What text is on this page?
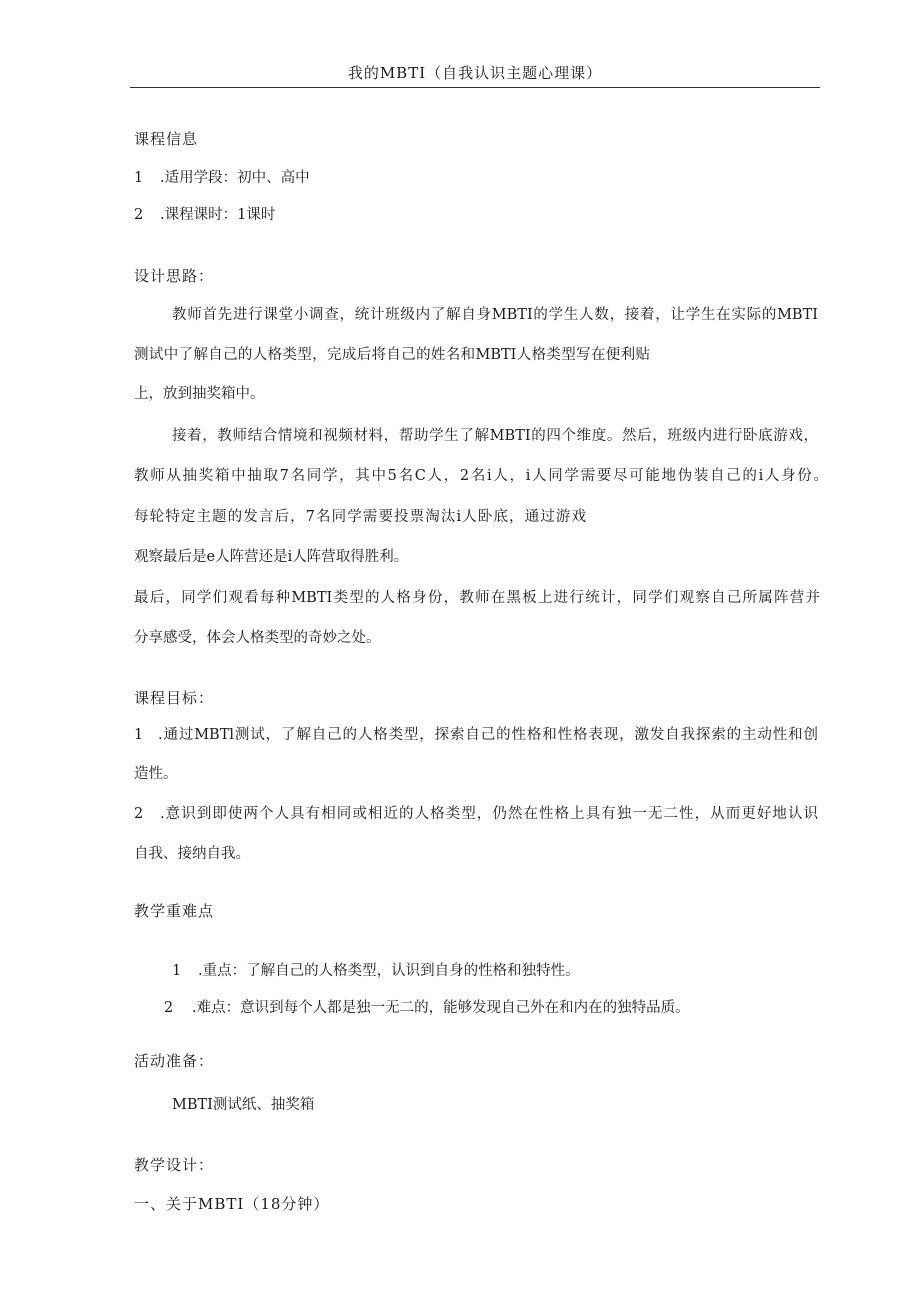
我的MBTI（自我认识主题心理课）
课程信息
1 .适用学段：初中、高中
2 .课程课时：1课时
设计思路：
教师首先进行课堂小调查，统计班级内了解自身MBTI的学生人数，接着，让学生在实际的MBTI
测试中了解自己的人格类型，完成后将自己的姓名和MBTI人格类型写在便利贴
上，放到抽奖箱中。
接着，教师结合情境和视频材料，帮助学生了解MBTI的四个维度。然后，班级内进行卧底游戏，
教师从抽奖箱中抽取7名同学，其中5名C人，2名i人，i人同学需要尽可能地伪装自己的i人身份。
每轮特定主题的发言后，7名同学需要投票淘汰i人卧底，通过游戏
观察最后是e人阵营还是i人阵营取得胜利。
最后，同学们观看每种MBTI类型的人格身份，教师在黑板上进行统计，同学们观察自己所属阵营并
分享感受，体会人格类型的奇妙之处。
课程目标：
1 .通过MBTl测试，了解自己的人格类型，探索自己的性格和性格表现，激发自我探索的主动性和创
造性。
2 .意识到即使两个人具有相同或相近的人格类型，仍然在性格上具有独一无二性，从而更好地认识
自我、接纳自我。
教学重难点
1 .重点：了解自己的人格类型，认识到自身的性格和独特性。
2 .难点：意识到每个人都是独一无二的，能够发现自己外在和内在的独特品质。
活动准备：
MBTI测试纸、抽奖箱
教学设计：
一、关于MBTI（18分钟）
